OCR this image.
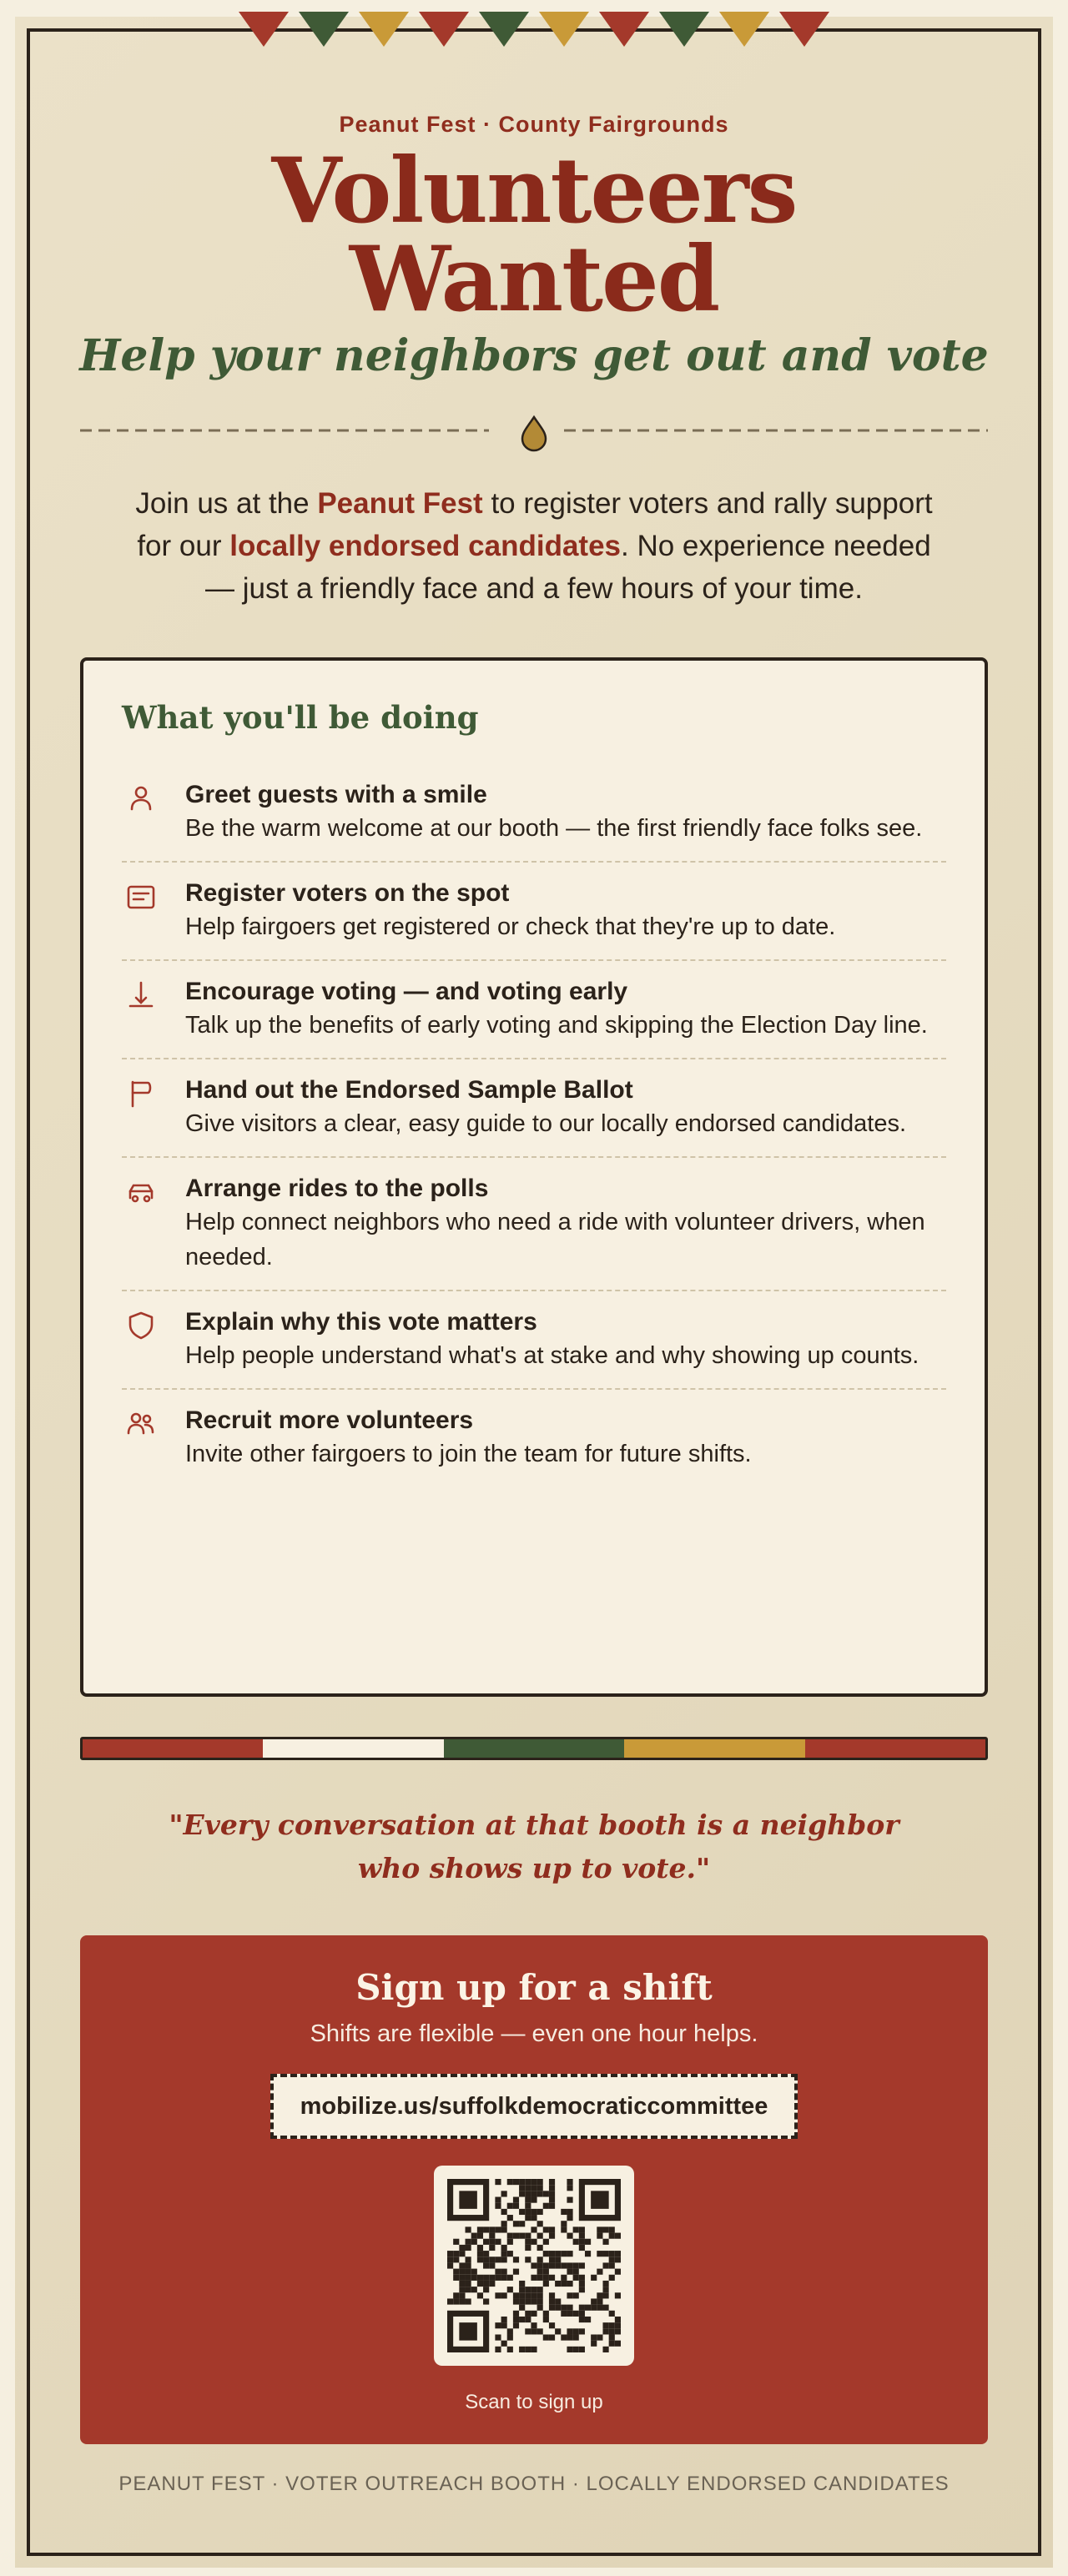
Peanut Fest · County Fairgrounds
Volunteers
Wanted
Help your neighbors get out and vote
Join us at the Peanut Fest to register voters and rally support for our locally endorsed candidates. No experience needed — just a friendly face and a few hours of your time.
What you'll be doing
Greet guests with a smile
Be the warm welcome at our booth — the first friendly face folks see.
Register voters on the spot
Help fairgoers get registered or check that they're up to date.
Encourage voting — and voting early
Talk up the benefits of early voting and skipping the Election Day line.
Hand out the Endorsed Sample Ballot
Give visitors a clear, easy guide to our locally endorsed candidates.
Arrange rides to the polls
Help connect neighbors who need a ride with volunteer drivers, when needed.
Explain why this vote matters
Help people understand what's at stake and why showing up counts.
Recruit more volunteers
Invite other fairgoers to join the team for future shifts.
"Every conversation at that booth is a neighbor who shows up to vote."
Sign up for a shift
Shifts are flexible — even one hour helps.
mobilize.us/suffolkdemocraticcommittee
Scan to sign up
PEANUT FEST · VOTER OUTREACH BOOTH · LOCALLY ENDORSED CANDIDATES
